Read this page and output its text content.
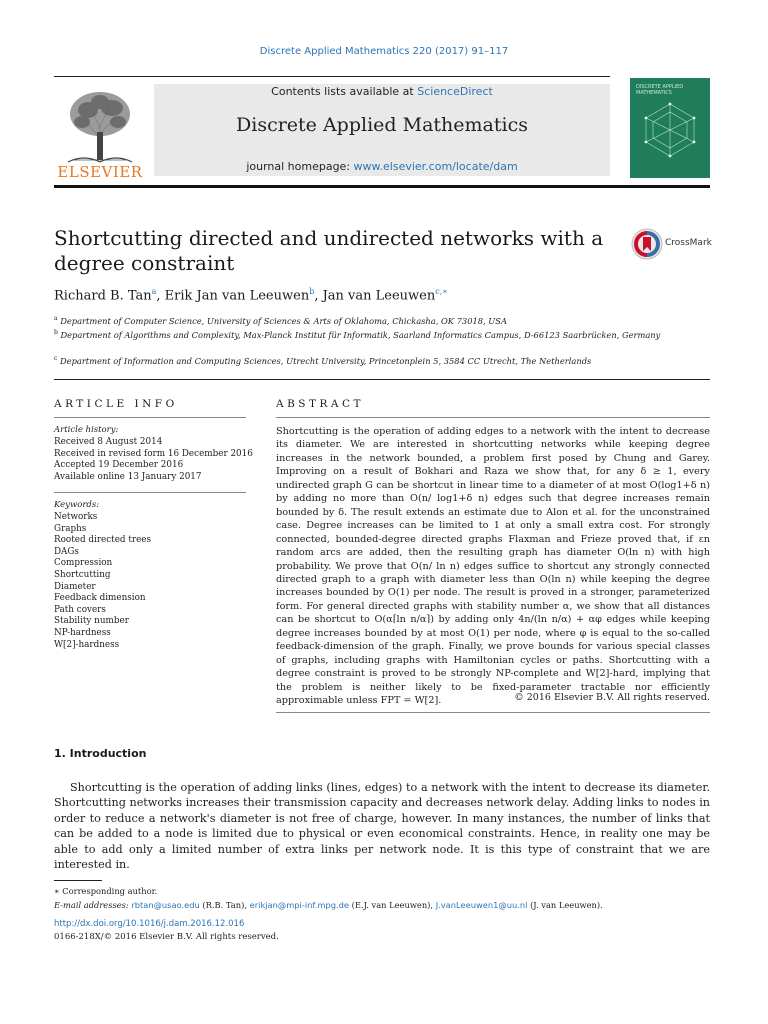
Discrete Applied Mathematics 220 (2017) 91–117
ELSEVIER
Contents lists available at ScienceDirect
Discrete Applied Mathematics
journal homepage: www.elsevier.com/locate/dam
DISCRETE APPLIED MATHEMATICS
Shortcutting directed and undirected networks with a degree constraint
CrossMark
Richard B. Tan$^a$, Erik Jan van Leeuwen$^b$, Jan van Leeuwen$^{c,∗}$
$^a$ Department of Computer Science, University of Sciences & Arts of Oklahoma, Chickasha, OK 73018, USA
$^b$ Department of Algorithms and Complexity, Max-Planck Institut für Informatik, Saarland Informatics Campus, D-66123 Saarbrücken, Germany
$^c$ Department of Information and Computing Sciences, Utrecht University, Princetonplein 5, 3584 CC Utrecht, The Netherlands
ARTICLE INFO
Article history:
Received 8 August 2014
Received in revised form 16 December 2016
Accepted 19 December 2016
Available online 13 January 2017
Keywords:
Networks
Graphs
Rooted directed trees
DAGs
Compression
Shortcutting
Diameter
Feedback dimension
Path covers
Stability number
NP-hardness
W[2]-hardness
ABSTRACT
Shortcutting is the operation of adding edges to a network with the intent to decrease its diameter. We are interested in shortcutting networks while keeping degree increases in the network bounded, a problem first posed by Chung and Garey. Improving on a result of Bokhari and Raza we show that, for any δ ≥ 1, every undirected graph G can be shortcut in linear time to a diameter of at most O(log1+δ n) by adding no more than O(n/ log1+δ n) edges such that degree increases remain bounded by δ. The result extends an estimate due to Alon et al. for the unconstrained case. Degree increases can be limited to 1 at only a small extra cost. For strongly connected, bounded-degree directed graphs Flaxman and Frieze proved that, if εn random arcs are added, then the resulting graph has diameter O(ln n) with high probability. We prove that O(n/ ln n) edges suffice to shortcut any strongly connected directed graph to a graph with diameter less than O(ln n) while keeping the degree increases bounded by O(1) per node. The result is proved in a stronger, parameterized form. For general directed graphs with stability number α, we show that all distances can be shortcut to O(α⌈ln n/α⌉) by adding only 4n/(ln n/α) + αφ edges while keeping degree increases bounded by at most O(1) per node, where φ is equal to the so-called feedback-dimension of the graph. Finally, we prove bounds for various special classes of graphs, including graphs with Hamiltonian cycles or paths. Shortcutting with a degree constraint is proved to be strongly NP-complete and W[2]-hard, implying that the problem is neither likely to be fixed-parameter tractable nor efficiently approximable unless FPT = W[2].	© 2016 Elsevier B.V. All rights reserved.
1. Introduction
Shortcutting is the operation of adding links (lines, edges) to a network with the intent to decrease its diameter. Shortcutting networks increases their transmission capacity and decreases network delay. Adding links to nodes in order to reduce a network's diameter is not free of charge, however. In many instances, the number of links that can be added to a node is limited due to physical or even economical constraints. Hence, in reality one may be able to add only a limited number of extra links per network node. It is this type of constraint that we are interested in.
∗ Corresponding author.
E-mail addresses: rbtan@usao.edu (R.B. Tan), erikjan@mpi-inf.mpg.de (E.J. van Leeuwen), J.vanLeeuwen1@uu.nl (J. van Leeuwen).
http://dx.doi.org/10.1016/j.dam.2016.12.016
0166-218X/© 2016 Elsevier B.V. All rights reserved.
